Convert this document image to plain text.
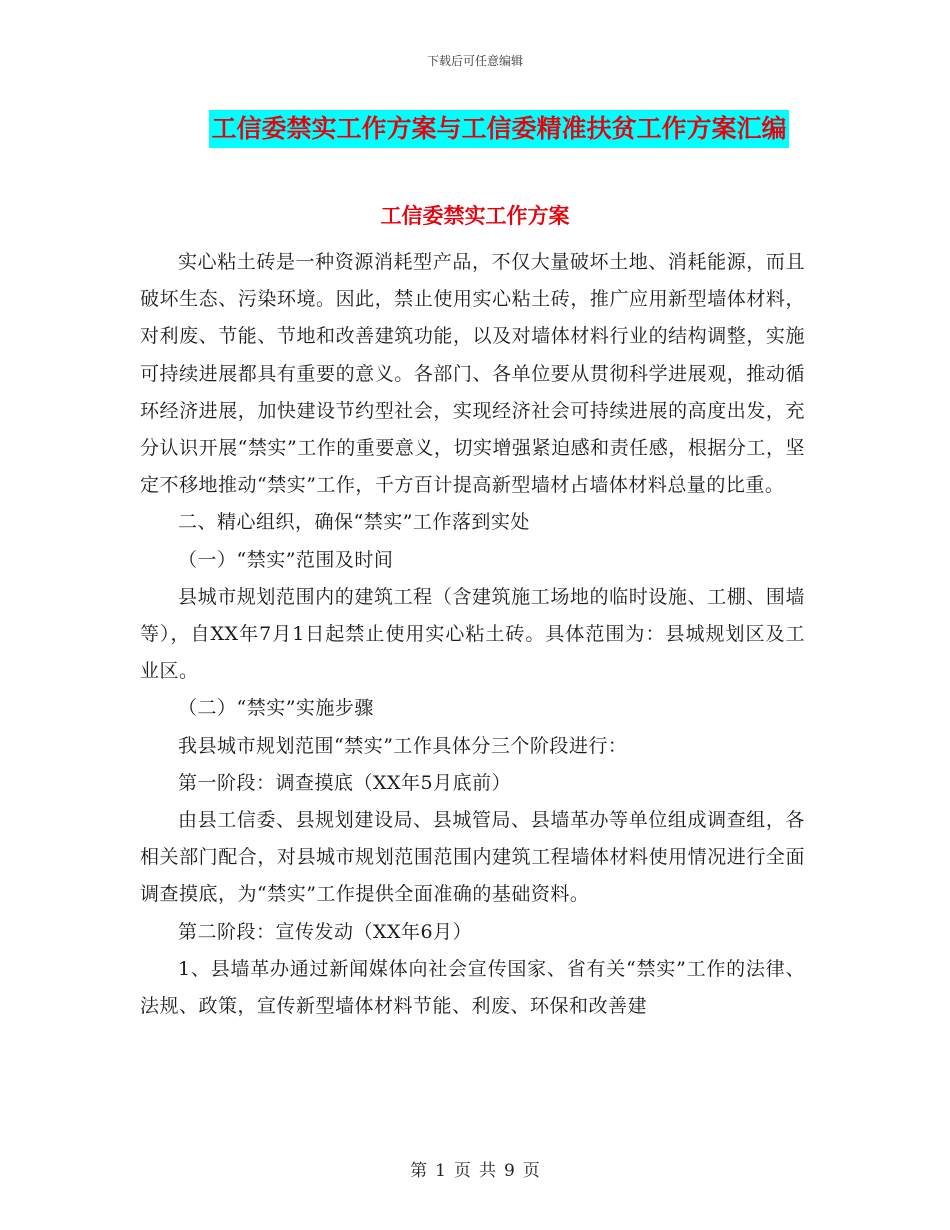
下载后可任意编辑
工信委禁实工作方案与工信委精准扶贫工作方案汇编
工信委禁实工作方案

实心粘土砖是一种资源消耗型产品，不仅大量破坏土地、消耗能源，而且破坏生态、污染环境。因此，禁止使用实心粘土砖，推广应用新型墙体材料，对利废、节能、节地和改善建筑功能，以及对墙体材料行业的结构调整，实施可持续进展都具有重要的意义。各部门、各单位要从贯彻科学进展观，推动循环经济进展，加快建设节约型社会，实现经济社会可持续进展的高度出发，充分认识开展“禁实”工作的重要意义，切实增强紧迫感和责任感，根据分工，坚定不移地推动“禁实”工作，千方百计提高新型墙材占墙体材料总量的比重。

二、精心组织，确保“禁实”工作落到实处

（一）“禁实”范围及时间

县城市规划范围内的建筑工程（含建筑施工场地的临时设施、工棚、围墙等），自XX年7月1日起禁止使用实心粘土砖。具体范围为：县城规划区及工业区。

（二）“禁实”实施步骤

我县城市规划范围“禁实”工作具体分三个阶段进行：

第一阶段：调查摸底（XX年5月底前）

由县工信委、县规划建设局、县城管局、县墙革办等单位组成调查组，各相关部门配合，对县城市规划范围范围内建筑工程墙体材料使用情况进行全面调查摸底，为“禁实”工作提供全面准确的基础资料。

第二阶段：宣传发动（XX年6月）

1、县墙革办通过新闻媒体向社会宣传国家、省有关“禁实”工作的法律、法规、政策，宣传新型墙体材料节能、利废、环保和改善建

第 1 页 共 9 页
